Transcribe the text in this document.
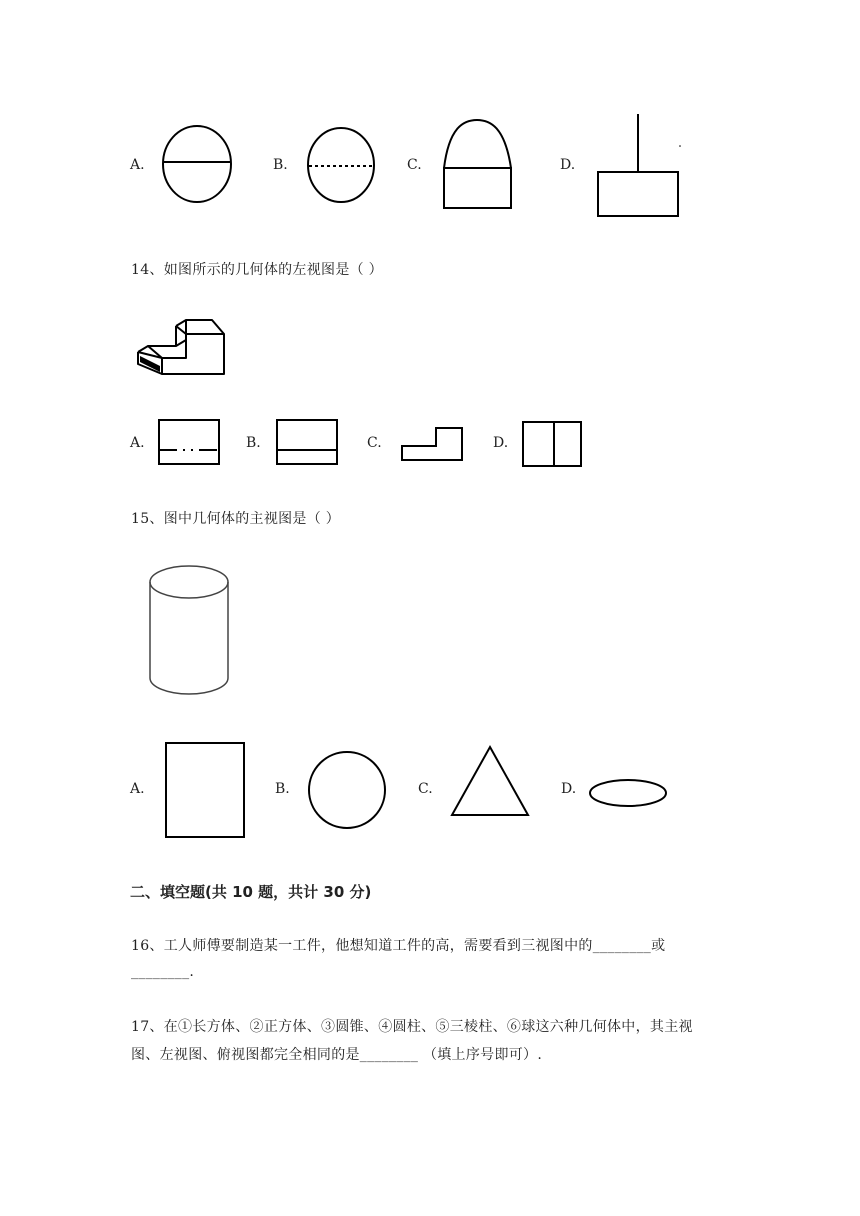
A.	B.	C.	D.
14、如图所示的几何体的左视图是（ ）
A.	B.	C.	D.
15、图中几何体的主视图是（ ）
A.	B.	C.	D.
二、填空题(共 10 题，共计 30 分)
16、工人师傅要制造某一工件，他想知道工件的高，需要看到三视图中的________或
________.
17、在①长方体、②正方体、③圆锥、④圆柱、⑤三棱柱、⑥球这六种几何体中，其主视
图、左视图、俯视图都完全相同的是________ （填上序号即可）.
